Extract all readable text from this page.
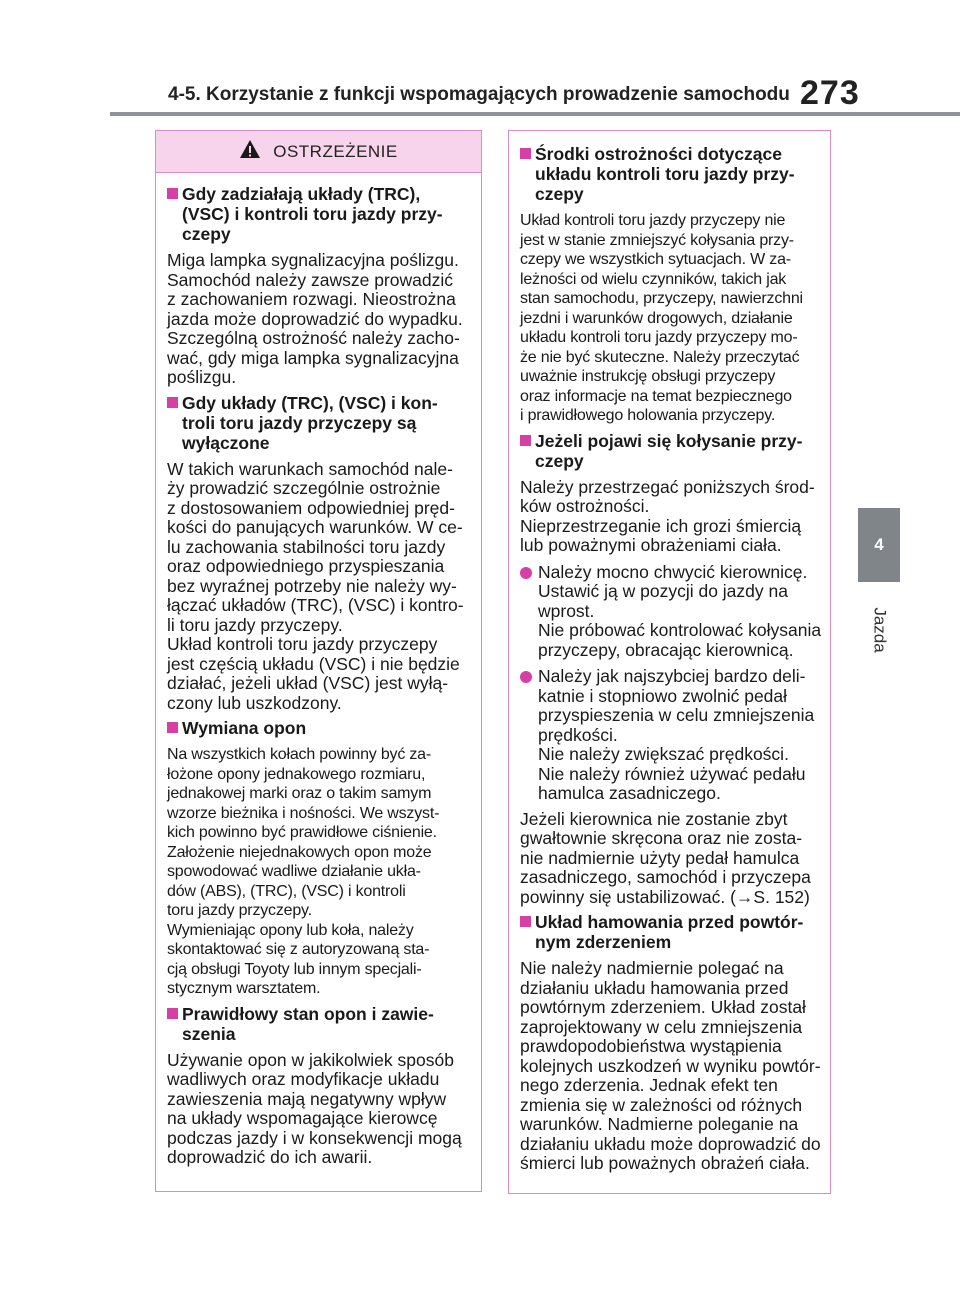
4-5. Korzystanie z funkcji wspomagających prowadzenie samochodu 273
4
Jazda
OSTRZEŻENIE
Gdy zadziałają układy (TRC),
(VSC) i kontroli toru jazdy przy-
czepy
Miga lampka sygnalizacyjna poślizgu.
Samochód należy zawsze prowadzić
z zachowaniem rozwagi. Nieostrożna
jazda może doprowadzić do wypadku.
Szczególną ostrożność należy zacho-
wać, gdy miga lampka sygnalizacyjna
poślizgu.
Gdy układy (TRC), (VSC) i kon-
troli toru jazdy przyczepy są
wyłączone
W takich warunkach samochód nale-
ży prowadzić szczególnie ostrożnie
z dostosowaniem odpowiedniej pręd-
kości do panujących warunków. W ce-
lu zachowania stabilności toru jazdy
oraz odpowiedniego przyspieszania
bez wyraźnej potrzeby nie należy wy-
łączać układów (TRC), (VSC) i kontro-
li toru jazdy przyczepy.
Układ kontroli toru jazdy przyczepy
jest częścią układu (VSC) i nie będzie
działać, jeżeli układ (VSC) jest wyłą-
czony lub uszkodzony.
Wymiana opon
Na wszystkich kołach powinny być za-
łożone opony jednakowego rozmiaru,
jednakowej marki oraz o takim samym
wzorze bieżnika i nośności. We wszyst-
kich powinno być prawidłowe ciśnienie.
Założenie niejednakowych opon może
spowodować wadliwe działanie ukła-
dów (ABS), (TRC), (VSC) i kontroli
toru jazdy przyczepy.
Wymieniając opony lub koła, należy
skontaktować się z autoryzowaną sta-
cją obsługi Toyoty lub innym specjali-
stycznym warsztatem.
Prawidłowy stan opon i zawie-
szenia
Używanie opon w jakikolwiek sposób
wadliwych oraz modyfikacje układu
zawieszenia mają negatywny wpływ
na układy wspomagające kierowcę
podczas jazdy i w konsekwencji mogą
doprowadzić do ich awarii.
Środki ostrożności dotyczące
układu kontroli toru jazdy przy-
czepy
Układ kontroli toru jazdy przyczepy nie
jest w stanie zmniejszyć kołysania przy-
czepy we wszystkich sytuacjach. W za-
leżności od wielu czynników, takich jak
stan samochodu, przyczepy, nawierzchni
jezdni i warunków drogowych, działanie
układu kontroli toru jazdy przyczepy mo-
że nie być skuteczne. Należy przeczytać
uważnie instrukcję obsługi przyczepy
oraz informacje na temat bezpiecznego
i prawidłowego holowania przyczepy.
Jeżeli pojawi się kołysanie przy-
czepy
Należy przestrzegać poniższych środ-
ków ostrożności.
Nieprzestrzeganie ich grozi śmiercią
lub poważnymi obrażeniami ciała.
Należy mocno chwycić kierownicę.
Ustawić ją w pozycji do jazdy na
wprost.
Nie próbować kontrolować kołysania
przyczepy, obracając kierownicą.
Należy jak najszybciej bardzo deli-
katnie i stopniowo zwolnić pedał
przyspieszenia w celu zmniejszenia
prędkości.
Nie należy zwiększać prędkości.
Nie należy również używać pedału
hamulca zasadniczego.
Jeżeli kierownica nie zostanie zbyt
gwałtownie skręcona oraz nie zosta-
nie nadmiernie użyty pedał hamulca
zasadniczego, samochód i przyczepa
powinny się ustabilizować. (→S. 152)
Układ hamowania przed powtór-
nym zderzeniem
Nie należy nadmiernie polegać na
działaniu układu hamowania przed
powtórnym zderzeniem. Układ został
zaprojektowany w celu zmniejszenia
prawdopodobieństwa wystąpienia
kolejnych uszkodzeń w wyniku powtór-
nego zderzenia. Jednak efekt ten
zmienia się w zależności od różnych
warunków. Nadmierne poleganie na
działaniu układu może doprowadzić do
śmierci lub poważnych obrażeń ciała.
